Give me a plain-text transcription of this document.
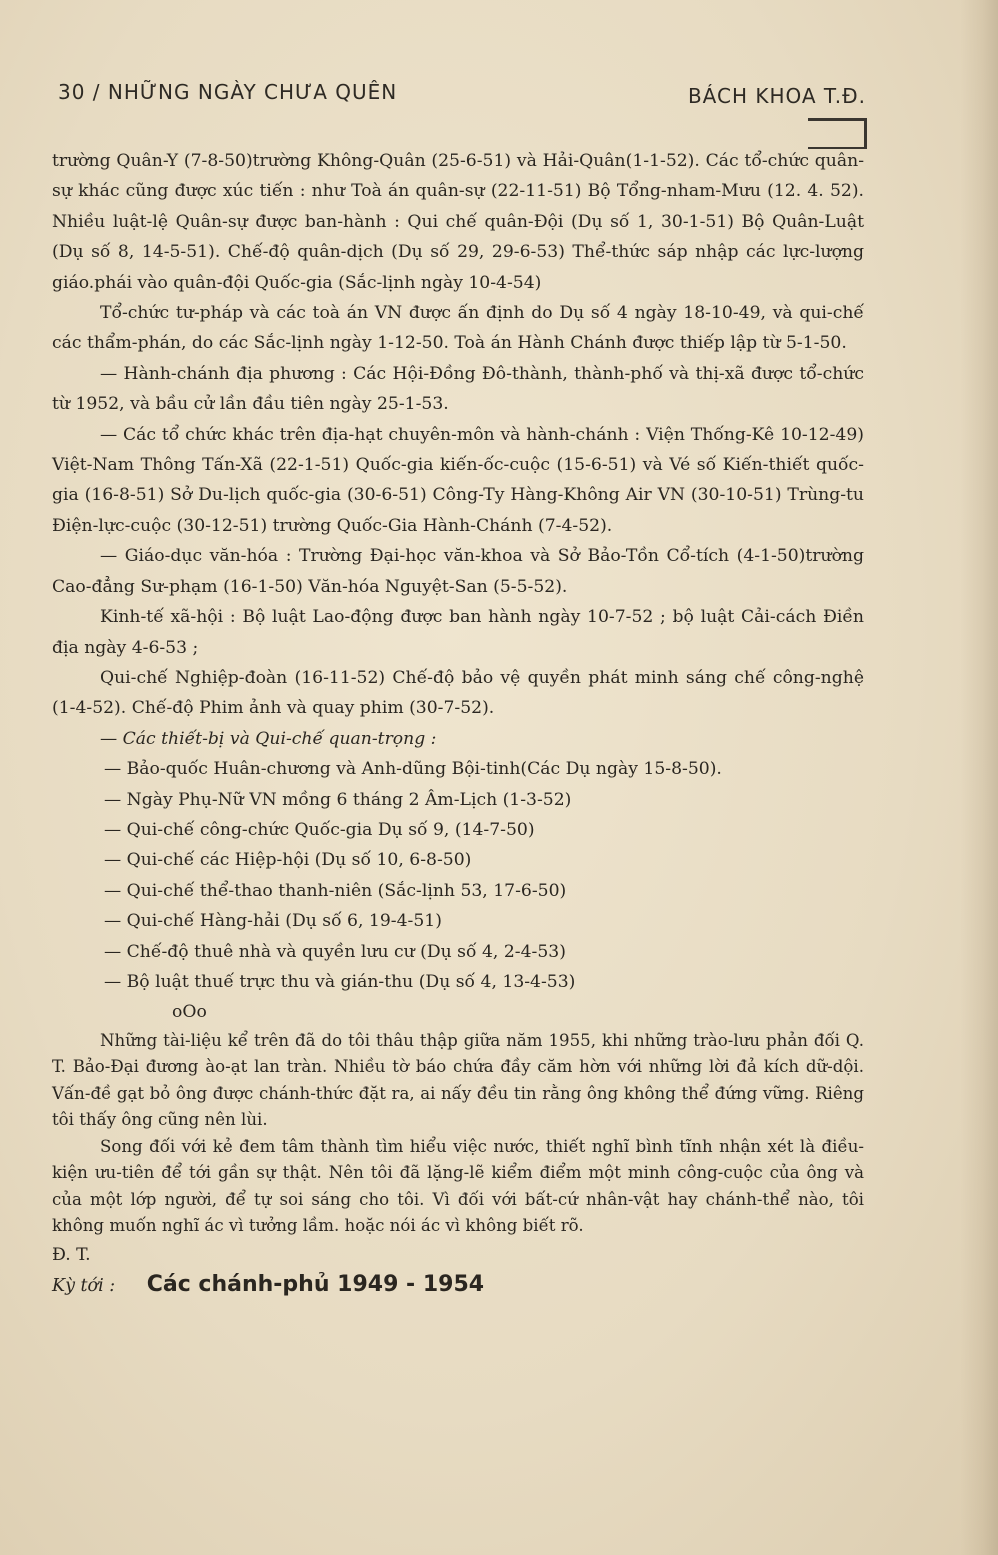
30 / NHỮNG NGÀY CHƯA QUÊN	BÁCH KHOA T.Đ.

trường Quân-Y (7-8-50)trường Không-Quân (25-6-51) và Hải-Quân(1-1-52). Các tổ-chức quân-sự khác cũng được xúc tiến : như Toà án quân-sự (22-11-51) Bộ Tổng-nham-Mưu (12. 4. 52). Nhiều luật-lệ Quân-sự được ban-hành : Qui chế quân-Đội (Dụ số 1, 30-1-51) Bộ Quân-Luật (Dụ số 8, 14-5-51). Chế-độ quân-dịch (Dụ số 29, 29-6-53) Thể-thức sáp nhập các lực-lượng giáo.phái vào quân-đội Quốc-gia (Sắc-lịnh ngày 10-4-54)

Tổ-chức tư-pháp và các toà án VN được ấn định do Dụ số 4 ngày 18-10-49, và qui-chế các thẩm-phán, do các Sắc-lịnh ngày 1-12-50. Toà án Hành Chánh được thiếp lập từ 5-1-50.

— Hành-chánh địa phương : Các Hội-Đồng Đô-thành, thành-phố và thị-xã được tổ-chức từ 1952, và bầu cử lần đầu tiên ngày 25-1-53.

— Các tổ chức khác trên địa-hạt chuyên-môn và hành-chánh : Viện Thống-Kê 10-12-49) Việt-Nam Thông Tấn-Xã (22-1-51) Quốc-gia kiến-ốc-cuộc (15-6-51) và Vé số Kiến-thiết quốc-gia (16-8-51) Sở Du-lịch quốc-gia (30-6-51) Công-Ty Hàng-Không Air VN (30-10-51) Trùng-tu Điện-lực-cuộc (30-12-51) trường Quốc-Gia Hành-Chánh (7-4-52).

— Giáo-dục văn-hóa : Trường Đại-học văn-khoa và Sở Bảo-Tồn Cổ-tích (4-1-50)trường Cao-đẳng Sư-phạm (16-1-50) Văn-hóa Nguyệt-San (5-5-52).

Kinh-tế xã-hội : Bộ luật Lao-động được ban hành ngày 10-7-52 ; bộ luật Cải-cách Điền địa ngày 4-6-53 ;

Qui-chế Nghiệp-đoàn (16-11-52) Chế-độ bảo vệ quyền phát minh sáng chế công-nghệ (1-4-52). Chế-độ Phim ảnh và quay phim (30-7-52).

— Các thiết-bị và Qui-chế quan-trọng :

— Bảo-quốc Huân-chương và Anh-dũng Bội-tinh(Các Dụ ngày 15-8-50).

— Ngày Phụ-Nữ VN mồng 6 tháng 2 Âm-Lịch (1-3-52)

— Qui-chế công-chức Quốc-gia Dụ số 9, (14-7-50)

— Qui-chế các Hiệp-hội (Dụ số 10, 6-8-50)

— Qui-chế thể-thao thanh-niên (Sắc-lịnh 53, 17-6-50)

— Qui-chế Hàng-hải (Dụ số 6, 19-4-51)

— Chế-độ thuê nhà và quyền lưu cư (Dụ số 4, 2-4-53)

— Bộ luật thuế trực thu và gián-thu (Dụ số 4, 13-4-53)

oOo

Những tài-liệu kể trên đã do tôi thâu thập giữa năm 1955, khi những trào-lưu phản đối Q. T. Bảo-Đại đương ào-ạt lan tràn. Nhiều tờ báo chứa đầy căm hờn với những lời đả kích dữ-dội. Vấn-đề gạt bỏ ông được chánh-thức đặt ra, ai nấy đều tin rằng ông không thể đứng vững. Riêng tôi thấy ông cũng nên lùi.

Song đối với kẻ đem tâm thành tìm hiểu việc nước, thiết nghĩ bình tĩnh nhận xét là điều-kiện ưu-tiên để tới gần sự thật. Nên tôi đã lặng-lẽ kiểm điểm một minh công-cuộc của ông và của một lớp người, để tự soi sáng cho tôi. Vì đối với bất-cứ nhân-vật hay chánh-thể nào, tôi không muốn nghĩ ác vì tưởng lầm. hoặc nói ác vì không biết rõ.

Đ. T.

Kỳ tới : Các chánh-phủ 1949 - 1954
